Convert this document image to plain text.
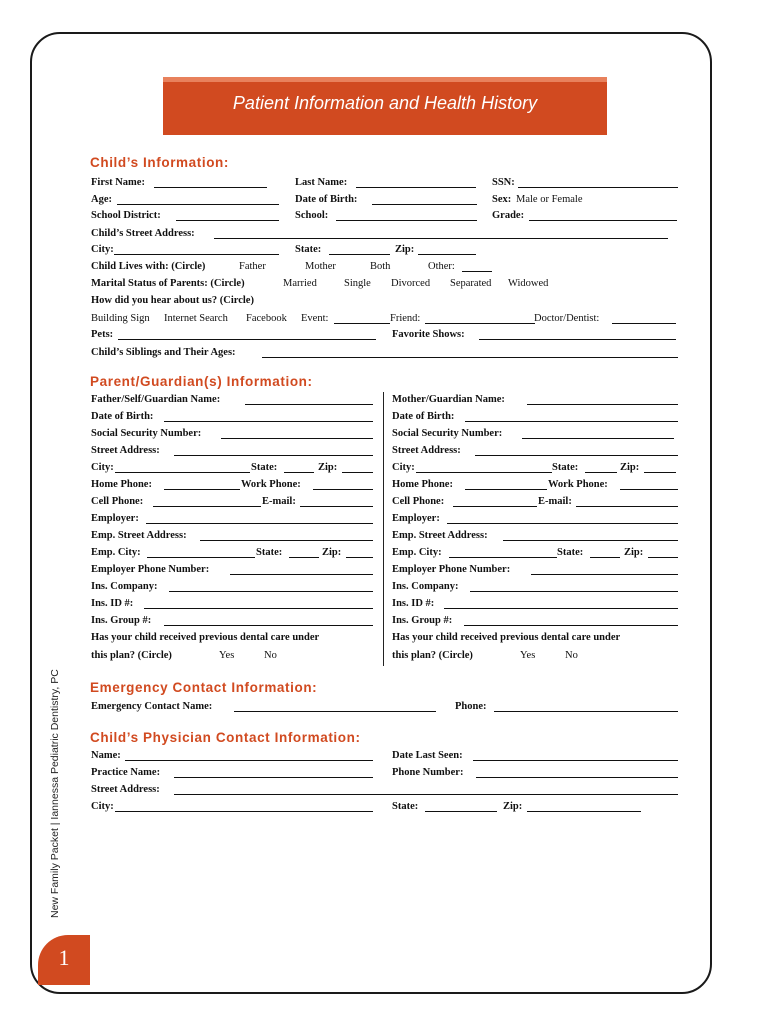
Patient Information and Health History
Child’s Information:
First Name:	Last Name:	SSN:
Age:	Date of Birth:	Sex: Male or Female
School District:	School:	Grade:
Child’s Street Address:
City:	State:	Zip:
Child Lives with: (Circle)	Father	Mother	Both	Other:
Marital Status of Parents: (Circle)	Married	Single Divorced Separated Widowed
How did you hear about us? (Circle)
Building Sign Internet Search Facebook Event:	Friend:	Doctor/Dentist:
Pets:	Favorite Shows:
Child’s Siblings and Their Ages:
Parent/Guardian(s) Information:
Father/Self/Guardian Name:
Date of Birth:
Social Security Number:
Street Address:
City:	State:	Zip:
Home Phone:	Work Phone:
Cell Phone:	E-mail:
Employer:
Emp. Street Address:
Emp. City:	State:	Zip:
Employer Phone Number:
Ins. Company:
Ins. ID #:
Ins. Group #:
Has your child received previous dental care under
this plan? (Circle)	Yes	No
Mother/Guardian Name:
Date of Birth:
Social Security Number:
Street Address:
City:	State:	Zip:
Home Phone:	Work Phone:
Cell Phone:	E-mail:
Employer:
Emp. Street Address:
Emp. City:	State:	Zip:
Employer Phone Number:
Ins. Company:
Ins. ID #:
Ins. Group #:
Has your child received previous dental care under
this plan? (Circle)	Yes	No
Emergency Contact Information:
Emergency Contact Name:	Phone:
Child’s Physician Contact Information:
Name:	Date Last Seen:
Practice Name:	Phone Number:
Street Address:
City:	State:	Zip:
New Family Packet | Iannessa Pediatric Dentistry, PC
1
